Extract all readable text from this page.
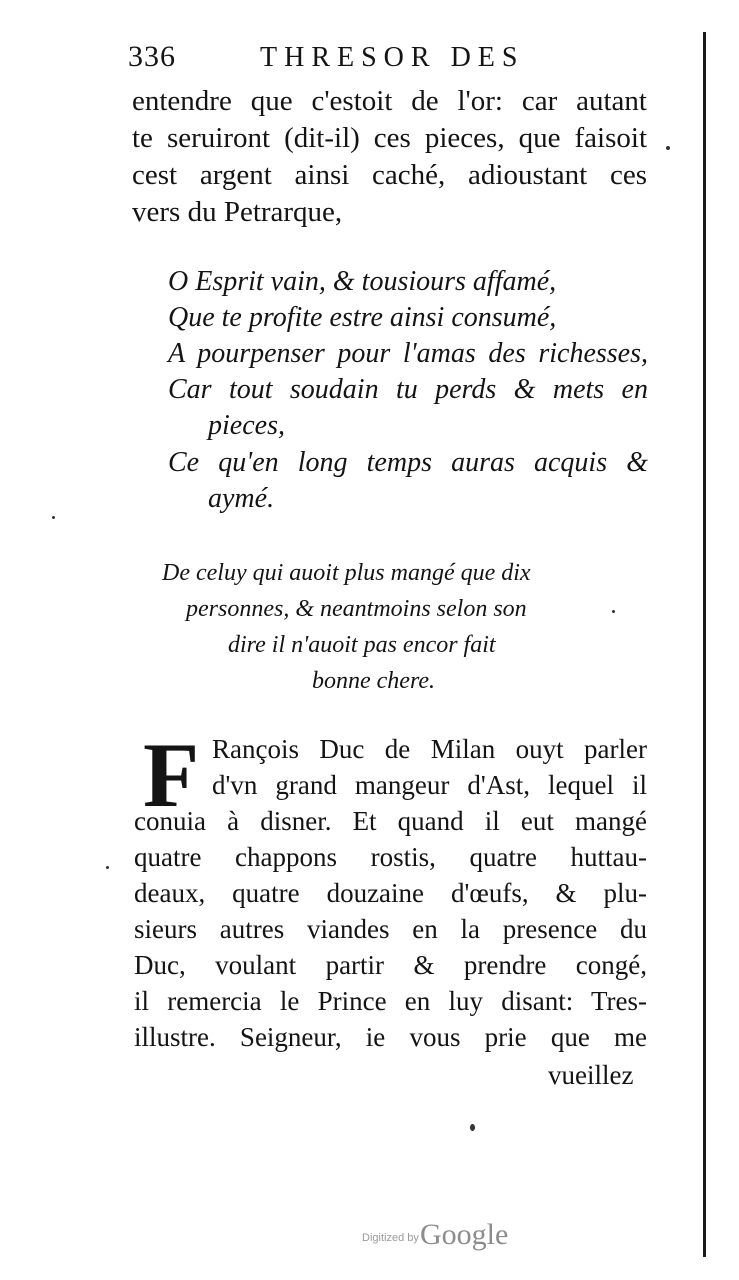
336	THRESOR DES
entendre que c'estoit de l'or: car autant
te seruiront (dit-il) ces pieces, que faisoit
cest argent ainsi caché, adioustant ces
vers du Petrarque,
O Esprit vain, & tousiours affamé,
Que te profite estre ainsi consumé,
A pourpenser pour l'amas des richesses,
Car tout soudain tu perds & mets en
pieces,
Ce qu'en long temps auras acquis &
aymé.
De celuy qui auoit plus mangé que dix
personnes, & neantmoins selon son
dire il n'auoit pas encor fait
bonne chere.
F Rançois Duc de Milan ouyt parler
d'vn grand mangeur d'Ast, lequel il
conuia à disner. Et quand il eut mangé
quatre chappons rostis, quatre huttau-
deaux, quatre douzaine d'œufs, & plu-
sieurs autres viandes en la presence du
Duc, voulant partir & prendre congé,
il remercia le Prince en luy disant: Tres-
illustre. Seigneur, ie vous prie que me
vueillez
Digitized by Google
